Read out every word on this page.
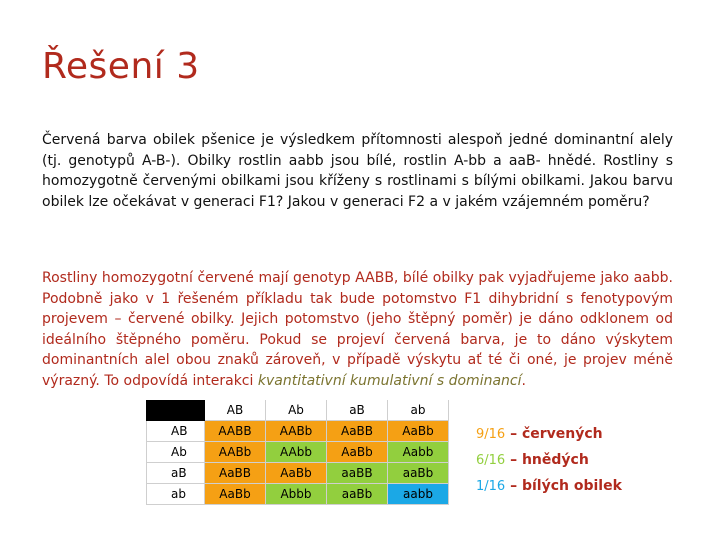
Řešení 3

Červená barva obilek pšenice je výsledkem přítomnosti alespoň jedné dominantní alely (tj. genotypů A-B-). Obilky rostlin aabb jsou bílé, rostlin A-bb a aaB- hnědé. Rostliny s homozygotně červenými obilkami jsou kříženy s rostlinami s bílými obilkami. Jakou barvu obilek lze očekávat v generaci F1? Jakou v generaci F2 a v jakém vzájemném poměru?

Rostliny homozygotní červené mají genotyp AABB, bílé obilky pak vyjadřujeme jako aabb. Podobně jako v 1 řešeném příkladu tak bude potomstvo F1 dihybridní s fenotypovým projevem – červené obilky. Jejich potomstvo (jeho štěpný poměr) je dáno odklonem od ideálního štěpného poměru. Pokud se projeví červená barva, je to dáno výskytem dominantních alel obou znaků zároveň, v případě výskytu ať té či oné, je projev méně výrazný. To odpovídá interakci kvantitativní kumulativní s dominancí.

	AB	Ab	aB	ab
AB	AABB	AABb	AaBB	AaBb
Ab	AABb	AAbb	AaBb	Aabb
aB	AaBB	AaBb	aaBB	aaBb
ab	AaBb	Abbb	aaBb	aabb

9/16 – červených

6/16 – hnědých

1/16 – bílých obilek
